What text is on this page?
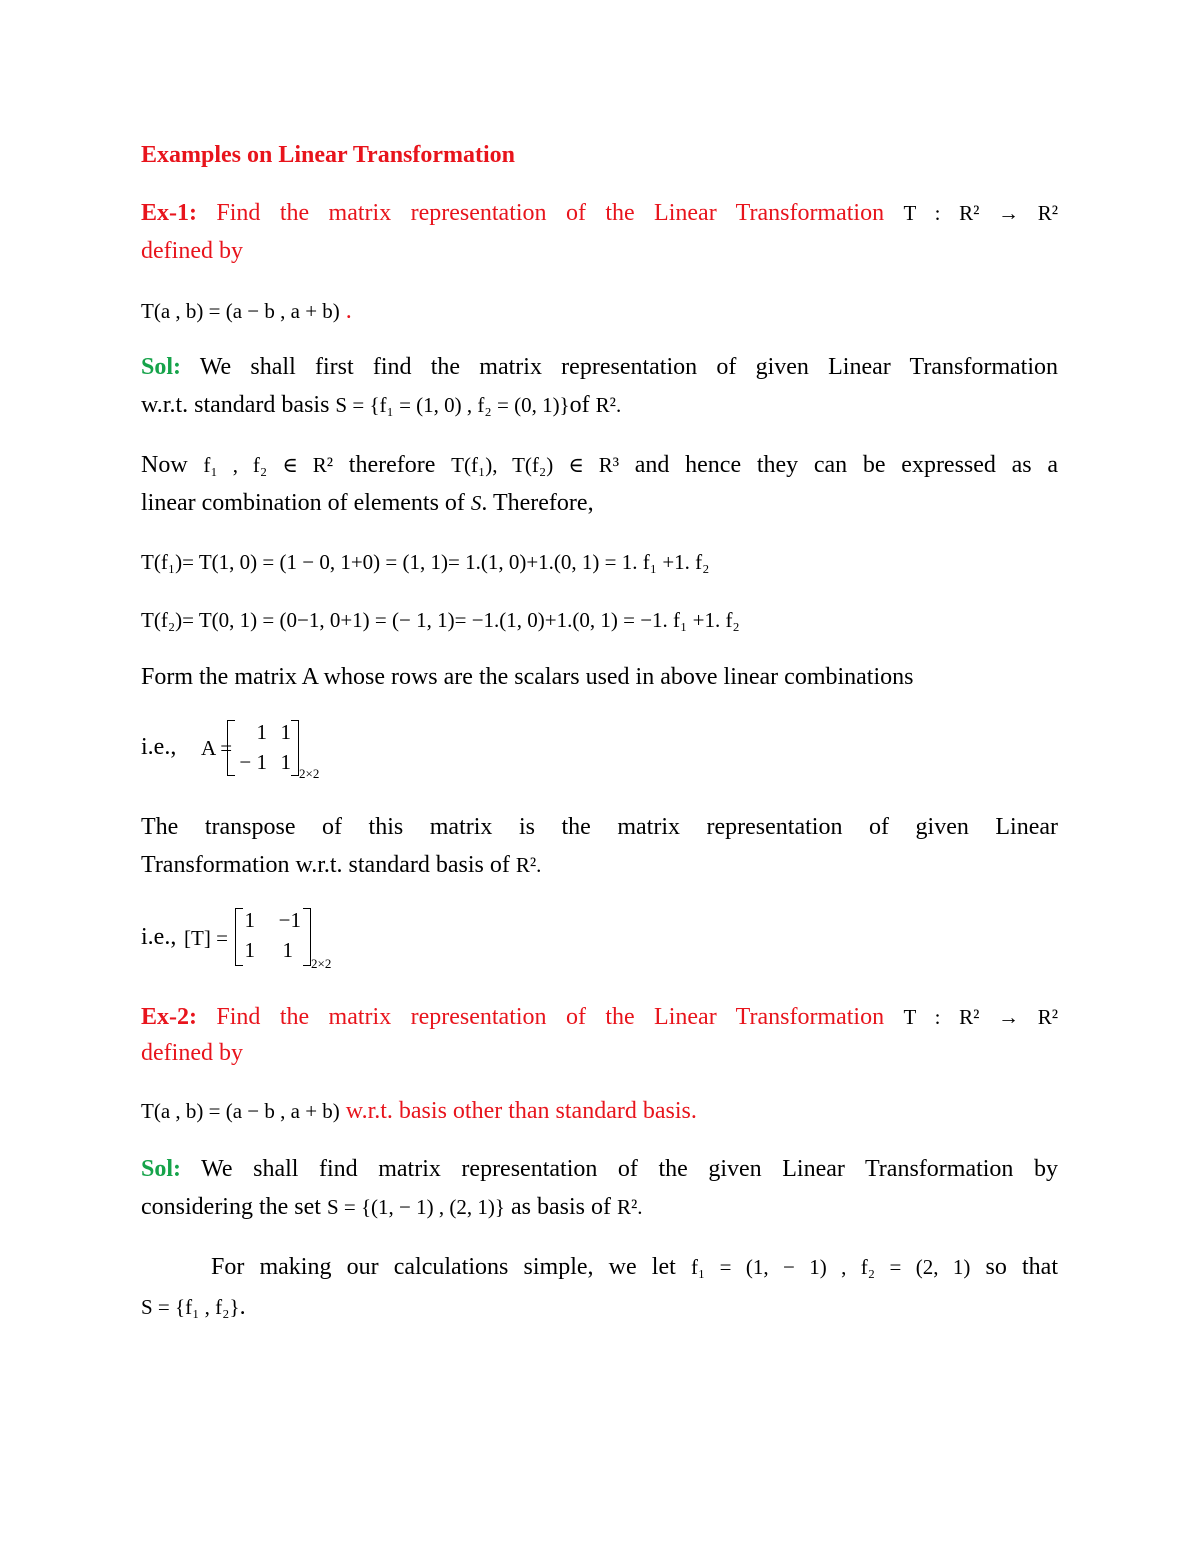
Examples on Linear Transformation
Ex-1: Find the matrix representation of the Linear Transformation T : R² → R²
defined by
T(a , b) = (a − b , a + b) .
Sol: We shall first find the matrix representation of given Linear Transformation
w.r.t. standard basis S = {f₁ = (1, 0) , f₂ = (0, 1)}of R².
Now f₁ , f₂ ∈ R² therefore T(f₁), T(f₂) ∈ R³ and hence they can be expressed as a
linear combination of elements of S. Therefore,
T(f₁)= T(1, 0) = (1 − 0, 1+0) = (1, 1)= 1.(1, 0)+1.(0, 1) = 1. f₁ +1. f₂
T(f₂)= T(0, 1) = (0−1, 0+1) = (− 1, 1)= −1.(1, 0)+1.(0, 1) = −1. f₁ +1. f₂
Form the matrix A whose rows are the scalars used in above linear combinations
i.e., A =
1 1
− 1 1 2×2
The transpose of this matrix is the matrix representation of given Linear
Transformation w.r.t. standard basis of R².
i.e., [T] =
1	−1
1	1
2×2
Ex-2: Find the matrix representation of the Linear Transformation T : R² → R²
defined by
T(a , b) = (a − b , a + b) w.r.t. basis other than standard basis.
Sol: We shall find matrix representation of the given Linear Transformation by
considering the set S = {(1, − 1) , (2, 1)} as basis of R².
For making our calculations simple, we let f₁ = (1, − 1) , f₂ = (2, 1) so that
S = {f₁ , f₂}.
